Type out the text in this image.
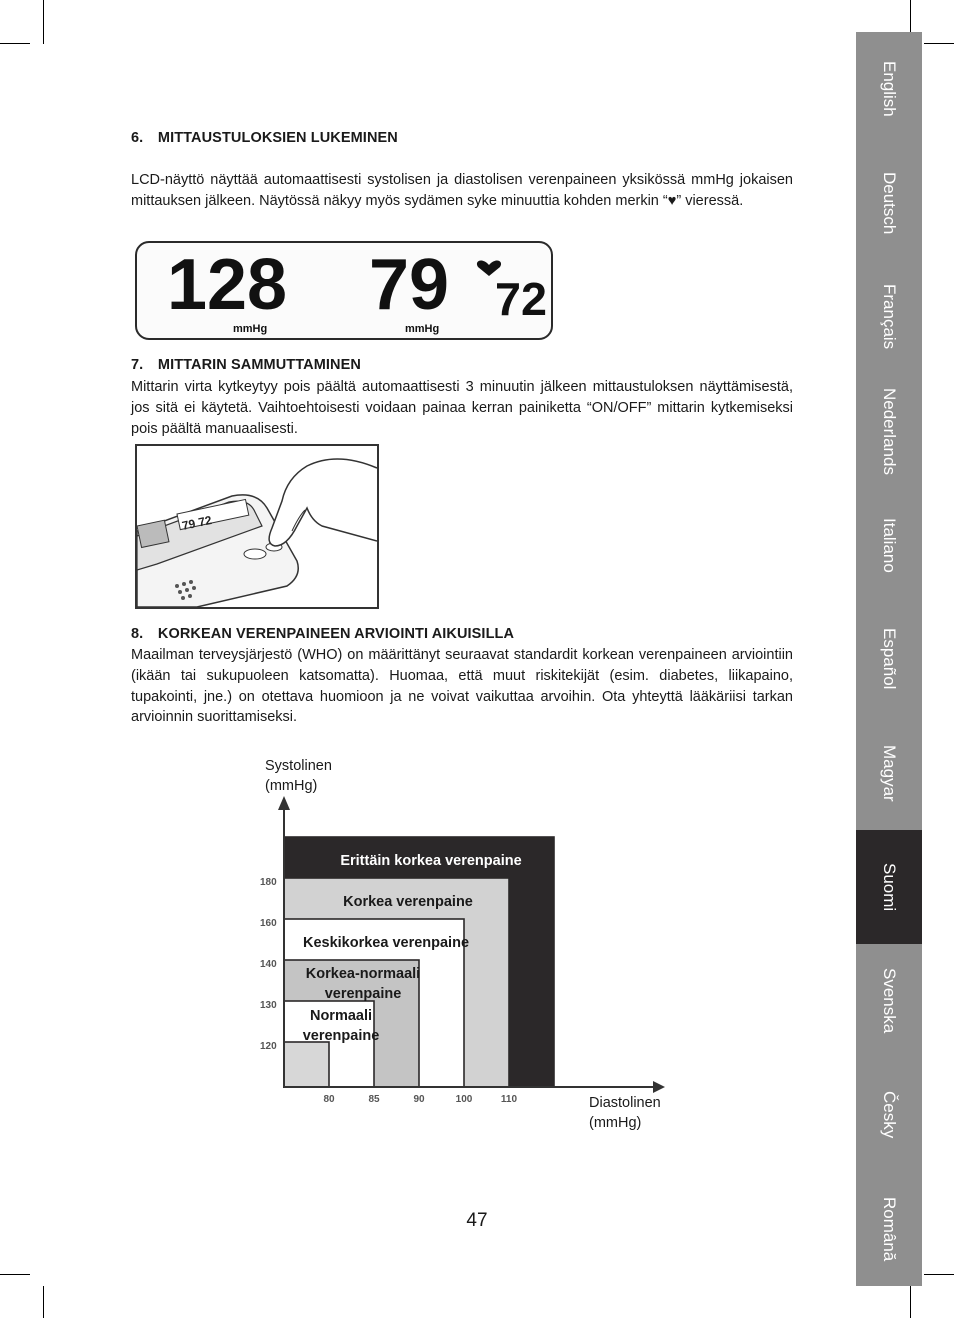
6. MITTAUSTULOKSIEN LUKEMINEN

LCD-näyttö näyttää automaattisesti systolisen ja diastolisen verenpaineen yksikössä mmHg jokaisen mittauksen jälkeen. Näytössä näkyy myös sydämen syke minuuttia kohden merkin “♥” vieressä.

128 79 72
mmHg	mmHg
7. MITTARIN SAMMUTTAMINEN

Mittarin virta kytkeytyy pois päältä automaattisesti 3 minuutin jälkeen mittaustuloksen näyttämisestä, jos sitä ei käytetä. Vaihtoehtoisesti voidaan painaa kerran painiketta “ON/OFF” mittarin kytkemiseksi pois päältä manuaalisesti.

79 72
8. KORKEAN VERENPAINEEN ARVIOINTI AIKUISILLA

Maailman terveysjärjestö (WHO) on määrittänyt seuraavat standardit korkean verenpaineen arviointiin (ikään tai sukupuoleen katsomatta). Huomaa, että muut riskitekijät (esim. diabetes, liikapaino, tupakointi, jne.) on otettava huomioon ja ne voivat vaikuttaa arvoihin. Ota yhteyttä lääkäriisi tarkan arvioinnin suorittamiseksi.

Systolinen
(mmHg)
Diastolinen
(mmHg)
120
130
140
160
180
80	85	90	100	110
Erittäin korkea verenpaine
Korkea verenpaine
Keskikorkea verenpaine
Korkea-normaali
verenpaine
Normaali
verenpaine
English
Deutsch
Français
Nederlands
Italiano
Español
Magyar
Suomi
Svenska
Česky
Română
47
